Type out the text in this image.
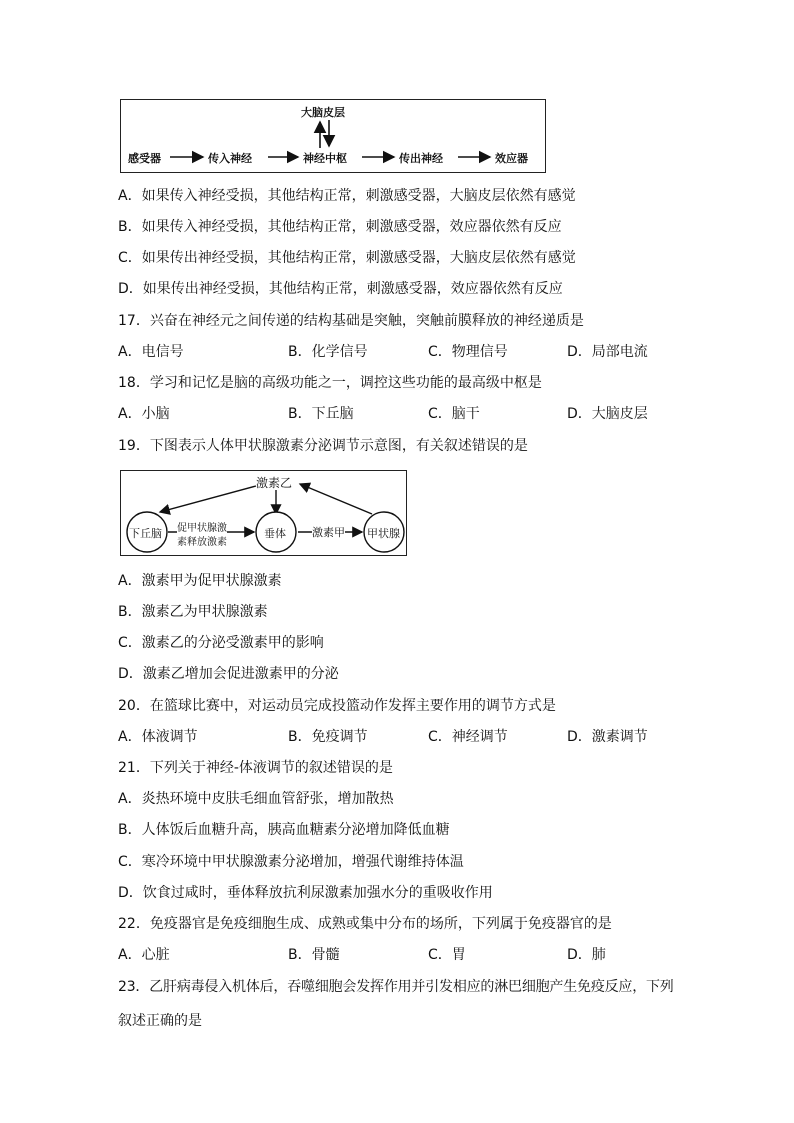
大脑皮层
感受器	传入神经	神经中枢	传出神经	效应器
A．如果传入神经受损，其他结构正常，刺激感受器，大脑皮层依然有感觉
B．如果传入神经受损，其他结构正常，刺激感受器，效应器依然有反应
C．如果传出神经受损，其他结构正常，刺激感受器，大脑皮层依然有感觉
D．如果传出神经受损，其他结构正常，刺激感受器，效应器依然有反应
17．兴奋在神经元之间传递的结构基础是突触，突触前膜释放的神经递质是
A．电信号	B．化学信号	C．物理信号	D．局部电流
18．学习和记忆是脑的高级功能之一，调控这些功能的最高级中枢是
A．小脑	B．下丘脑	C．脑干	D．大脑皮层
19．下图表示人体甲状腺激素分泌调节示意图，有关叙述错误的是
激素乙
下丘脑 促甲状腺激
素释放激素
垂体 激素甲 甲状腺
A．激素甲为促甲状腺激素
B．激素乙为甲状腺激素
C．激素乙的分泌受激素甲的影响
D．激素乙增加会促进激素甲的分泌
20．在篮球比赛中，对运动员完成投篮动作发挥主要作用的调节方式是
A．体液调节	B．免疫调节	C．神经调节	D．激素调节
21．下列关于神经-体液调节的叙述错误的是
A．炎热环境中皮肤毛细血管舒张，增加散热
B．人体饭后血糖升高，胰高血糖素分泌增加降低血糖
C．寒冷环境中甲状腺激素分泌增加，增强代谢维持体温
D．饮食过咸时，垂体释放抗利尿激素加强水分的重吸收作用
22．免疫器官是免疫细胞生成、成熟或集中分布的场所，下列属于免疫器官的是
A．心脏	B．骨髓	C．胃	D．肺
23．乙肝病毒侵入机体后，吞噬细胞会发挥作用并引发相应的淋巴细胞产生免疫反应，下列
叙述正确的是
